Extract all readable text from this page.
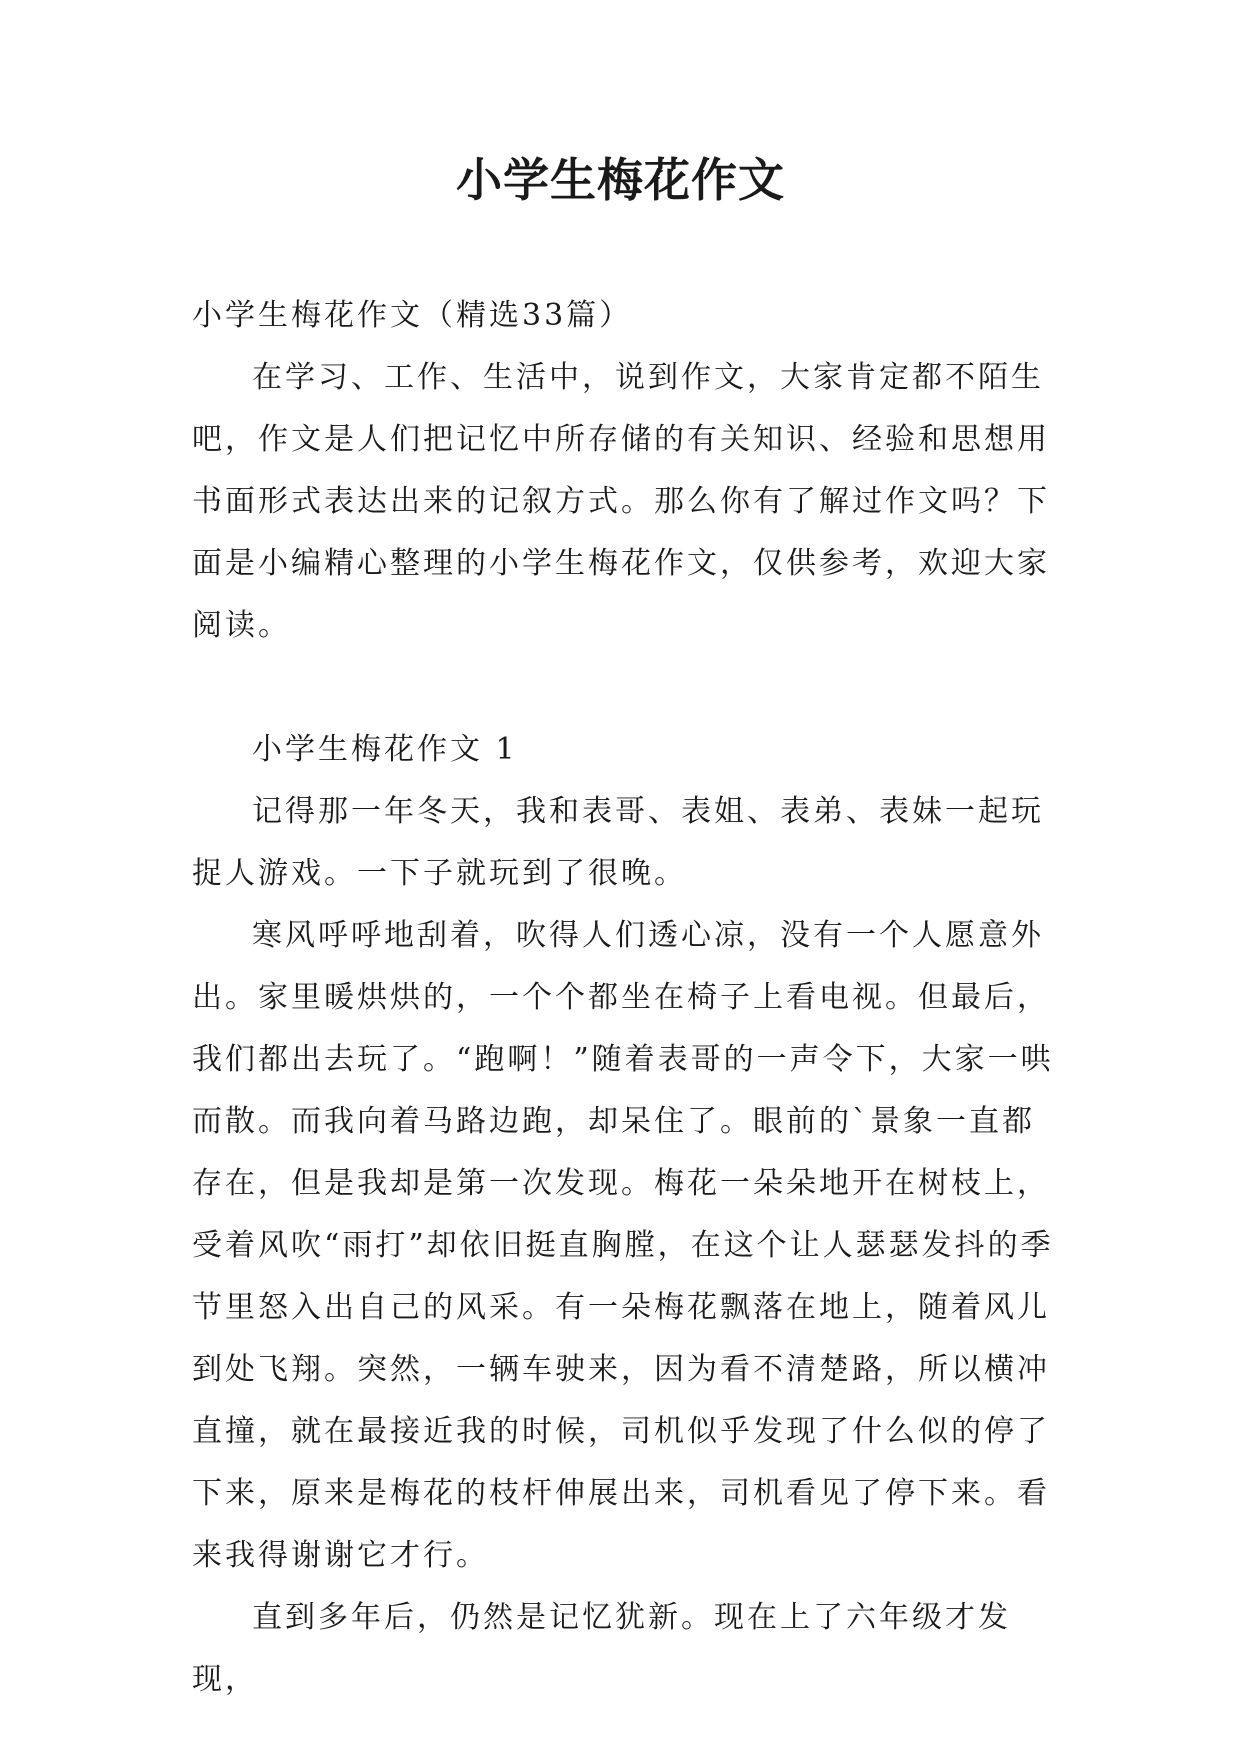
小学生梅花作文

小学生梅花作文（精选33篇）

在学习、工作、生活中，说到作文，大家肯定都不陌生吧，作文是人们把记忆中所存储的有关知识、经验和思想用书面形式表达出来的记叙方式。那么你有了解过作文吗？下面是小编精心整理的小学生梅花作文，仅供参考，欢迎大家阅读。

小学生梅花作文 1

记得那一年冬天，我和表哥、表姐、表弟、表妹一起玩捉人游戏。一下子就玩到了很晚。

寒风呼呼地刮着，吹得人们透心凉，没有一个人愿意外出。家里暖烘烘的，一个个都坐在椅子上看电视。但最后，我们都出去玩了。“跑啊！”随着表哥的一声令下，大家一哄而散。而我向着马路边跑，却呆住了。眼前的`景象一直都存在，但是我却是第一次发现。梅花一朵朵地开在树枝上，受着风吹“雨打”却依旧挺直胸膛，在这个让人瑟瑟发抖的季节里怒入出自己的风采。有一朵梅花飘落在地上，随着风儿到处飞翔。突然，一辆车驶来，因为看不清楚路，所以横冲直撞，就在最接近我的时候，司机似乎发现了什么似的停了下来，原来是梅花的枝杆伸展出来，司机看见了停下来。看来我得谢谢它才行。

直到多年后，仍然是记忆犹新。现在上了六年级才发现，
